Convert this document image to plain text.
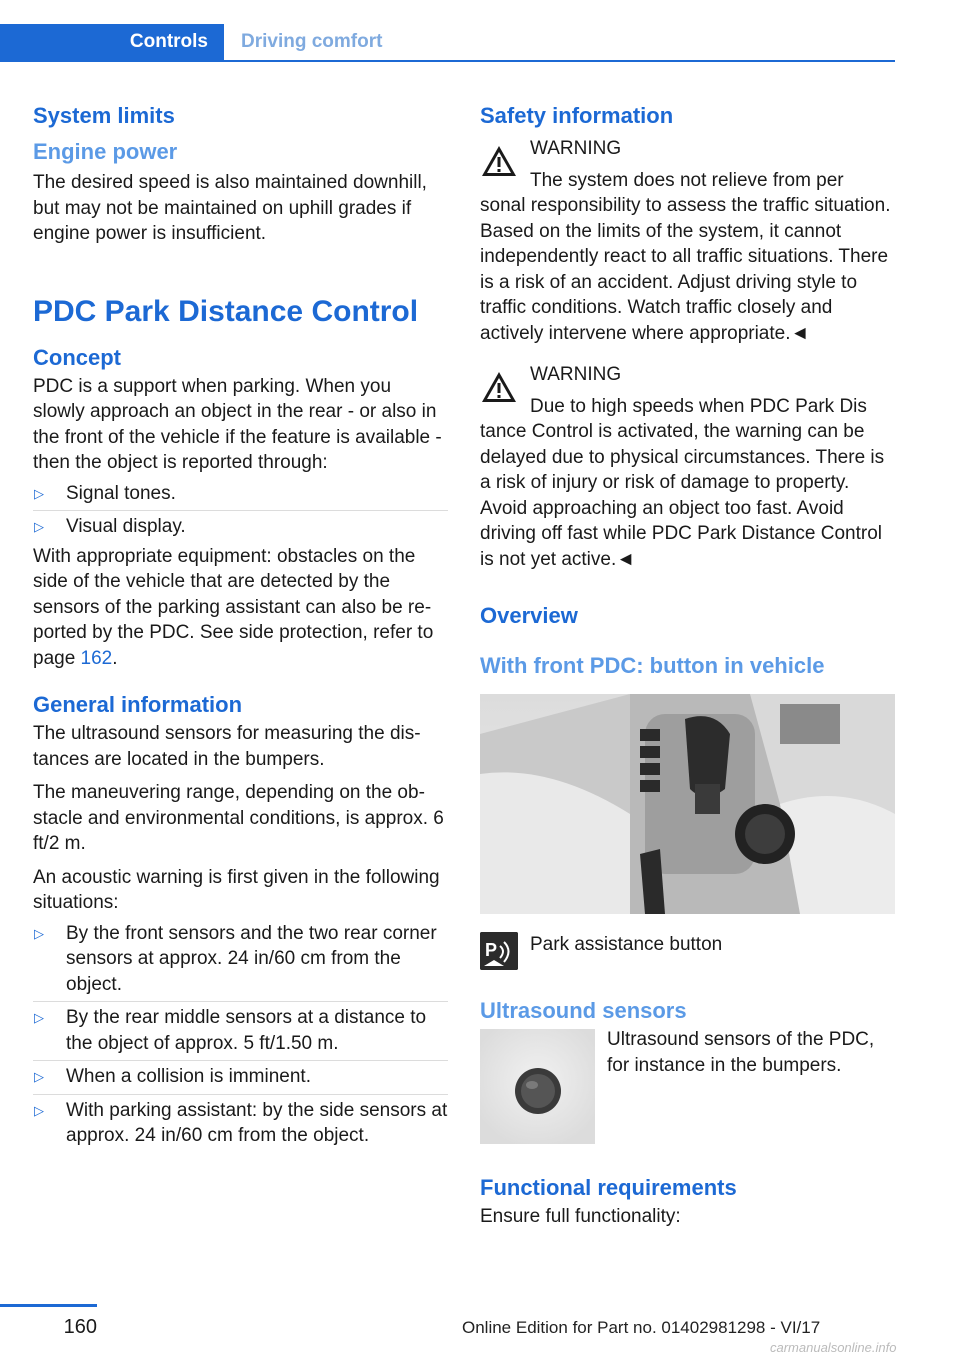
Controls	Driving comfort
System limits
Engine power

The desired speed is also maintained downhill, but may not be maintained on uphill grades if engine power is insufficient.

PDC Park Distance Control
Concept

PDC is a support when parking. When you slowly approach an object in the rear - or also in the front of the vehicle if the feature is available - then the object is reported through:

▷ Signal tones.
▷ Visual display.

With appropriate equipment: obstacles on the side of the vehicle that are detected by the sensors of the parking assistant can also be reported by the PDC. See side protection, refer to page 162.

General information

The ultrasound sensors for measuring the distances are located in the bumpers.

The maneuvering range, depending on the obstacle and environmental conditions, is approx. 6 ft/2 m.

An acoustic warning is first given in the following situations:

▷ By the front sensors and the two rear corner sensors at approx. 24 in/60 cm from the object.
▷ By the rear middle sensors at a distance to the object of approx. 5 ft/1.50 m.
▷ When a collision is imminent.
▷ With parking assistant: by the side sensors at approx. 24 in/60 cm from the object.
Safety information

WARNING

The system does not relieve from per

sonal responsibility to assess the traffic situation. Based on the limits of the system, it cannot independently react to all traffic situations. There is a risk of an accident. Adjust driving style to traffic conditions. Watch traffic closely and actively intervene where appropriate.◄

WARNING

Due to high speeds when PDC Park Dis

tance Control is activated, the warning can be delayed due to physical circumstances. There is a risk of injury or risk of damage to property. Avoid approaching an object too fast. Avoid driving off fast while PDC Park Distance Control is not yet active.◄

Overview
With front PDC: button in vehicle
P Park assistance button

Ultrasound sensors

Ultrasound sensors of the PDC, for instance in the bumpers.

Functional requirements

Ensure full functionality:

160	Online Edition for Part no. 01402981298 - VI/17
carmanualsonline.info
